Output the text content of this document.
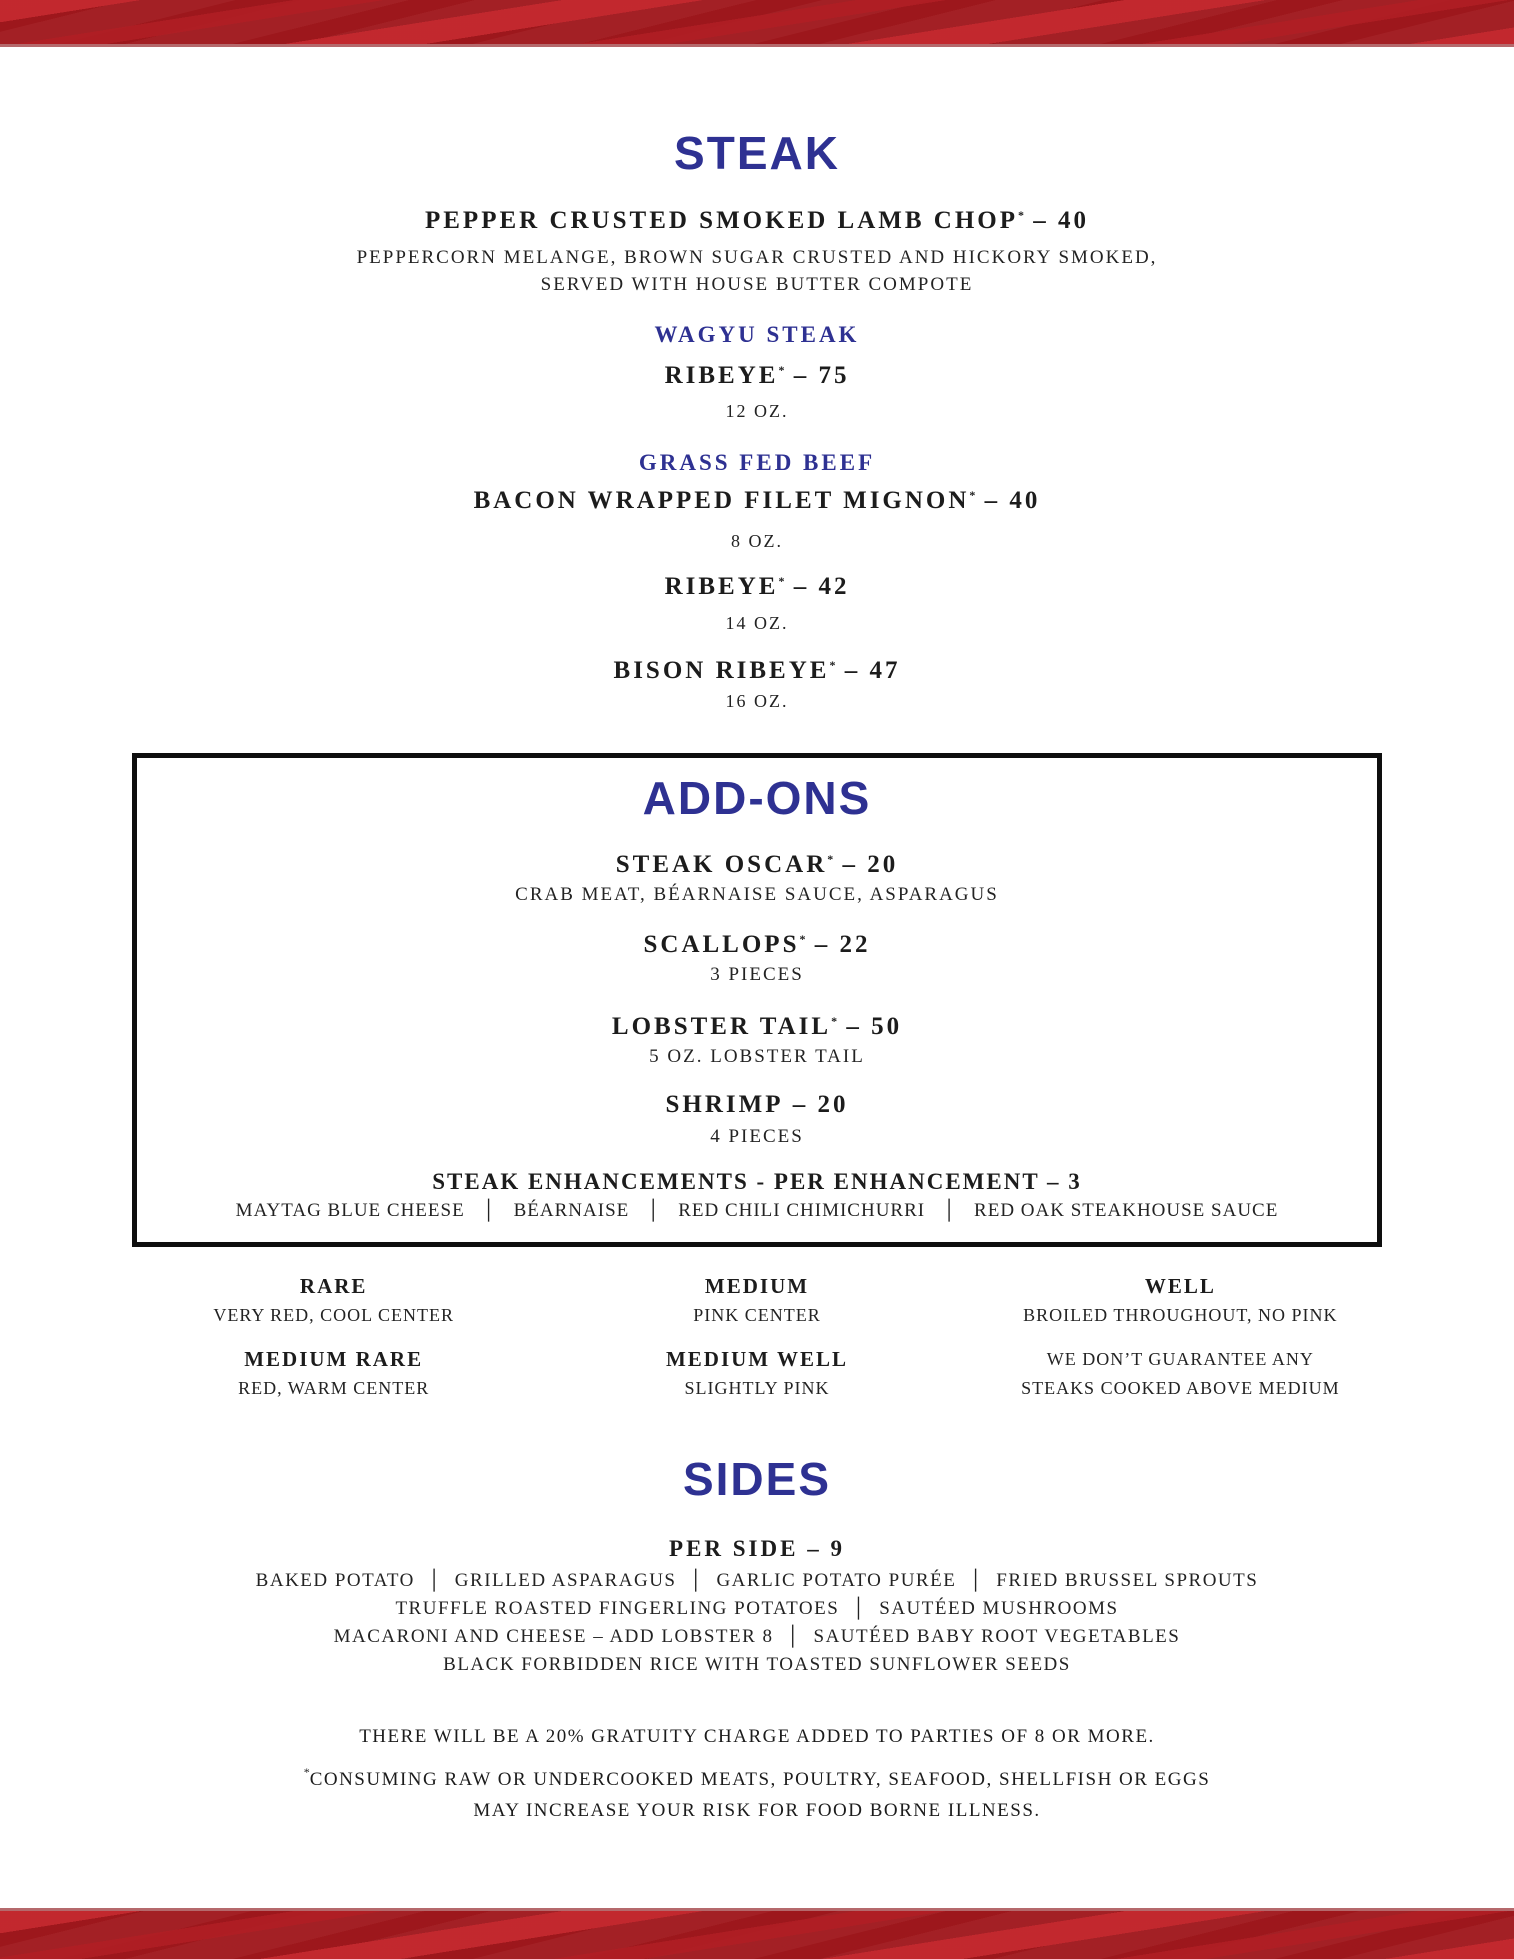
STEAK
PEPPER CRUSTED SMOKED LAMB CHOP* – 40
PEPPERCORN MELANGE, BROWN SUGAR CRUSTED AND HICKORY SMOKED,
SERVED WITH HOUSE BUTTER COMPOTE
WAGYU STEAK
RIBEYE* – 75
12 OZ.
GRASS FED BEEF
BACON WRAPPED FILET MIGNON* – 40
8 OZ.
RIBEYE* – 42
14 OZ.
BISON RIBEYE* – 47
16 OZ.
ADD-ONS
STEAK OSCAR* – 20
CRAB MEAT, BÉARNAISE SAUCE, ASPARAGUS
SCALLOPS* – 22
3 PIECES
LOBSTER TAIL* – 50
5 OZ. LOBSTER TAIL
SHRIMP – 20
4 PIECES
STEAK ENHANCEMENTS - PER ENHANCEMENT – 3
MAYTAG BLUE CHEESE   │   BÉARNAISE   │   RED CHILI CHIMICHURRI   │   RED OAK STEAKHOUSE SAUCE
RARE
VERY RED, COOL CENTER
MEDIUM
PINK CENTER
WELL
BROILED THROUGHOUT, NO PINK
MEDIUM RARE
RED, WARM CENTER
MEDIUM WELL
SLIGHTLY PINK
WE DON’T GUARANTEE ANY
STEAKS COOKED ABOVE MEDIUM
SIDES
PER SIDE – 9
BAKED POTATO  │  GRILLED ASPARAGUS  │  GARLIC POTATO PURÉE  │  FRIED BRUSSEL SPROUTS
TRUFFLE ROASTED FINGERLING POTATOES  │  SAUTÉED MUSHROOMS
MACARONI AND CHEESE – ADD LOBSTER 8  │  SAUTÉED BABY ROOT VEGETABLES
BLACK FORBIDDEN RICE WITH TOASTED SUNFLOWER SEEDS
THERE WILL BE A 20% GRATUITY CHARGE ADDED TO PARTIES OF 8 OR MORE.
*CONSUMING RAW OR UNDERCOOKED MEATS, POULTRY, SEAFOOD, SHELLFISH OR EGGS
MAY INCREASE YOUR RISK FOR FOOD BORNE ILLNESS.
